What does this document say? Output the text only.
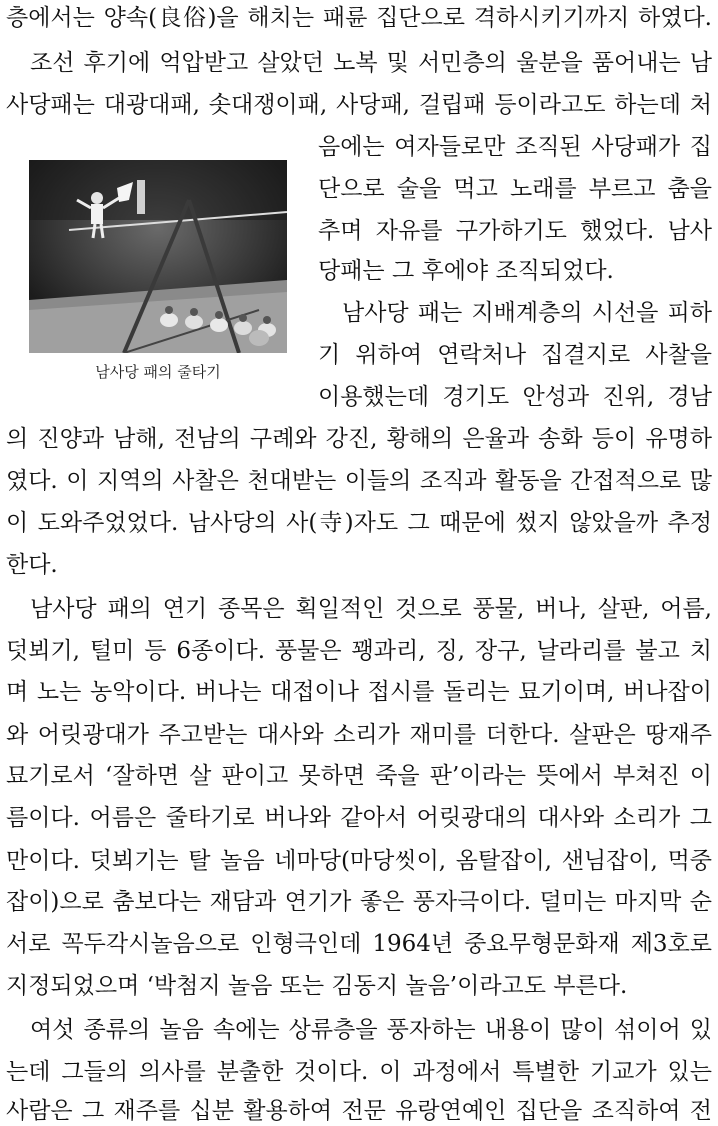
층에서는 양속(良俗)을 해치는 패륜 집단으로 격하시키기까지 하였다.
조선 후기에 억압받고 살았던 노복 및 서민층의 울분을 품어내는 남
사당패는 대광대패, 솟대쟁이패, 사당패, 걸립패 등이라고도 하는데 처
남사당 패의 줄타기
음에는 여자들로만 조직된 사당패가 집
단으로 술을 먹고 노래를 부르고 춤을
추며 자유를 구가하기도 했었다. 남사
당패는 그 후에야 조직되었다.
남사당 패는 지배계층의 시선을 피하
기 위하여 연락처나 집결지로 사찰을
이용했는데 경기도 안성과 진위, 경남
의 진양과 남해, 전남의 구례와 강진, 황해의 은율과 송화 등이 유명하
였다. 이 지역의 사찰은 천대받는 이들의 조직과 활동을 간접적으로 많
이 도와주었었다. 남사당의 사(寺)자도 그 때문에 썼지 않았을까 추정
한다.
남사당 패의 연기 종목은 획일적인 것으로 풍물, 버나, 살판, 어름,
덧뵈기, 털미 등 6종이다. 풍물은 꽹과리, 징, 장구, 날라리를 불고 치
며 노는 농악이다. 버나는 대접이나 접시를 돌리는 묘기이며, 버나잡이
와 어릿광대가 주고받는 대사와 소리가 재미를 더한다. 살판은 땅재주
묘기로서 ‘잘하면 살 판이고 못하면 죽을 판’이라는 뜻에서 부쳐진 이
름이다. 어름은 줄타기로 버나와 같아서 어릿광대의 대사와 소리가 그
만이다. 덧뵈기는 탈 놀음 네마당(마당씻이, 옴탈잡이, 샌님잡이, 먹중
잡이)으로 춤보다는 재담과 연기가 좋은 풍자극이다. 덜미는 마지막 순
서로 꼭두각시놀음으로 인형극인데 1964년 중요무형문화재 제3호로
지정되었으며 ‘박첨지 놀음 또는 김동지 놀음’이라고도 부른다.
여섯 종류의 놀음 속에는 상류층을 풍자하는 내용이 많이 섞이어 있
는데 그들의 의사를 분출한 것이다. 이 과정에서 특별한 기교가 있는
사람은 그 재주를 십분 활용하여 전문 유랑연예인 집단을 조직하여 전
